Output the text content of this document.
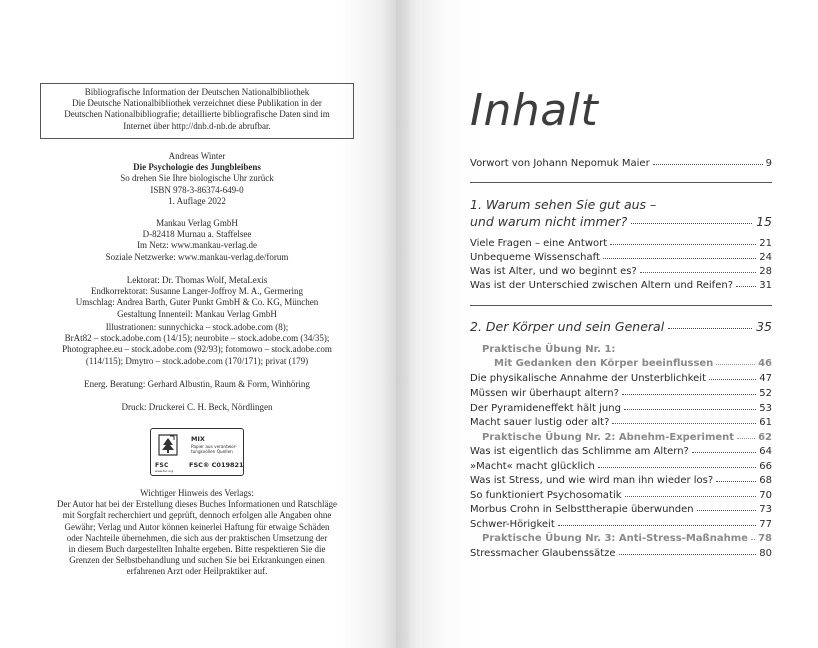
Bibliografische Information der Deutschen Nationalbibliothek
Die Deutsche Nationalbibliothek verzeichnet diese Publikation in der
Deutschen Nationalbibliografie; detaillierte bibliografische Daten sind im
Internet über http://dnb.d-nb.de abrufbar.
Andreas Winter
Die Psychologie des Jungbleibens
So drehen Sie Ihre biologische Uhr zurück
ISBN 978-3-86374-649-0
1. Auflage 2022
Mankau Verlag GmbH
D-82418 Murnau a. Staffelsee
Im Netz: www.mankau-verlag.de
Soziale Netzwerke: www.mankau-verlag.de/forum
Lektorat: Dr. Thomas Wolf, MetaLexis
Endkorrektorat: Susanne Langer-Joffroy M. A., Germering
Umschlag: Andrea Barth, Guter Punkt GmbH & Co. KG, München
Gestaltung Innenteil: Mankau Verlag GmbH
Illustrationen: sunnychicka – stock.adobe.com (8);
BrAt82 – stock.adobe.com (14/15); neurobite – stock.adobe.com (34/35);
Photographee.eu – stock.adobe.com (92/93); fotomowo – stock.adobe.com
(114/115); Dmytro – stock.adobe.com (170/171); privat (179)
Energ. Beratung: Gerhard Albustin, Raum & Form, Winhöring
Druck: Druckerei C. H. Beck, Nördlingen
FSC
www.fsc.org
MIX
Papier aus verantwor-
tungsvollen Quellen
FSC® C019821
Wichtiger Hinweis des Verlags:
Der Autor hat bei der Erstellung dieses Buches Informationen und Ratschläge
mit Sorgfalt recherchiert und geprüft, dennoch erfolgen alle Angaben ohne
Gewähr; Verlag und Autor können keinerlei Haftung für etwaige Schäden
oder Nachteile übernehmen, die sich aus der praktischen Umsetzung der
in diesem Buch dargestellten Inhalte ergeben. Bitte respektieren Sie die
Grenzen der Selbstbehandlung und suchen Sie bei Erkrankungen einen
erfahrenen Arzt oder Heilpraktiker auf.
Inhalt
Vorwort von Johann Nepomuk Maier	9
1. Warum sehen Sie gut aus –
und warum nicht immer?	15
Viele Fragen – eine Antwort	21
Unbequeme Wissenschaft	24
Was ist Alter, und wo beginnt es?	28
Was ist der Unterschied zwischen Altern und Reifen?	31
2. Der Körper und sein General	35
Praktische Übung Nr. 1:
Mit Gedanken den Körper beeinflussen	46
Die physikalische Annahme der Unsterblichkeit	47
Müssen wir überhaupt altern?	52
Der Pyramideneffekt hält jung	53
Macht sauer lustig oder alt?	61
Praktische Übung Nr. 2: Abnehm-Experiment 62
Was ist eigentlich das Schlimme am Altern?	64
»Macht« macht glücklich	66
Was ist Stress, und wie wird man ihn wieder los?	68
So funktioniert Psychosomatik	70
Morbus Crohn in Selbsttherapie überwunden	73
Schwer-Hörigkeit	77
Praktische Übung Nr. 3: Anti-Stress-Maßnahme 78
Stressmacher Glaubenssätze	80
